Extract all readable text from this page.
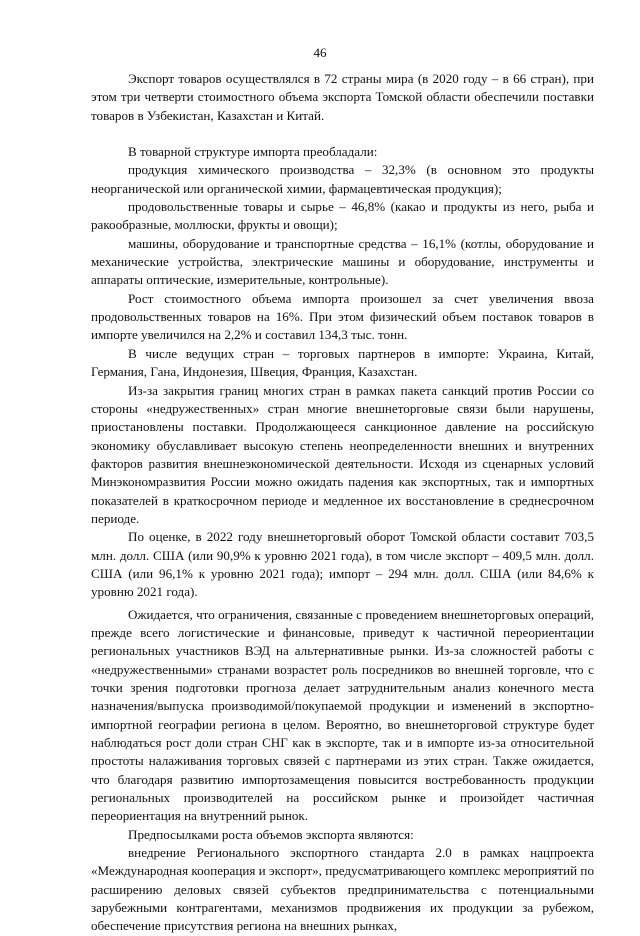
46

Экспорт товаров осуществлялся в 72 страны мира (в 2020 году – в 66 стран), при этом три четверти стоимостного объема экспорта Томской области обеспечили поставки товаров в Узбекистан, Казахстан и Китай.

В товарной структуре импорта преобладали:

продукция химического производства – 32,3% (в основном это продукты неорганической или органической химии, фармацевтическая продукция);

продовольственные товары и сырье – 46,8% (какао и продукты из него, рыба и ракообразные, моллюски, фрукты и овощи);

машины, оборудование и транспортные средства – 16,1% (котлы, оборудование и механические устройства, электрические машины и оборудование, инструменты и аппараты оптические, измерительные, контрольные).

Рост стоимостного объема импорта произошел за счет увеличения ввоза продовольственных товаров на 16%. При этом физический объем поставок товаров в импорте увеличился на 2,2% и составил 134,3 тыс. тонн.

В числе ведущих стран – торговых партнеров в импорте: Украина, Китай, Германия, Гана, Индонезия, Швеция, Франция, Казахстан.

Из-за закрытия границ многих стран в рамках пакета санкций против России со стороны «недружественных» стран многие внешнеторговые связи были нарушены, приостановлены поставки. Продолжающееся санкционное давление на российскую экономику обуславливает высокую степень неопределенности внешних и внутренних факторов развития внешнеэкономической деятельности. Исходя из сценарных условий Минэкономразвития России можно ожидать падения как экспортных, так и импортных показателей в краткосрочном периоде и медленное их восстановление в среднесрочном периоде.

По оценке, в 2022 году внешнеторговый оборот Томской области составит 703,5 млн. долл. США (или 90,9% к уровню 2021 года), в том числе экспорт – 409,5 млн. долл. США (или 96,1% к уровню 2021 года); импорт – 294 млн. долл. США (или 84,6% к уровню 2021 года).

Ожидается, что ограничения, связанные с проведением внешнеторговых операций, прежде всего логистические и финансовые, приведут к частичной переориентации региональных участников ВЭД на альтернативные рынки. Из-за сложностей работы с «недружественными» странами возрастет роль посредников во внешней торговле, что с точки зрения подготовки прогноза делает затруднительным анализ конечного места назначения/выпуска производимой/покупаемой продукции и изменений в экспортно-импортной географии региона в целом. Вероятно, во внешнеторговой структуре будет наблюдаться рост доли стран СНГ как в экспорте, так и в импорте из-за относительной простоты налаживания торговых связей с партнерами из этих стран. Также ожидается, что благодаря развитию импортозамещения повысится востребованность продукции региональных производителей на российском рынке и произойдет частичная переориентация на внутренний рынок.

Предпосылками роста объемов экспорта являются:

внедрение Регионального экспортного стандарта 2.0 в рамках нацпроекта «Международная кооперация и экспорт», предусматривающего комплекс мероприятий по расширению деловых связей субъектов предпринимательства с потенциальными зарубежными контрагентами, механизмов продвижения их продукции за рубежом, обеспечение присутствия региона на внешних рынках,
